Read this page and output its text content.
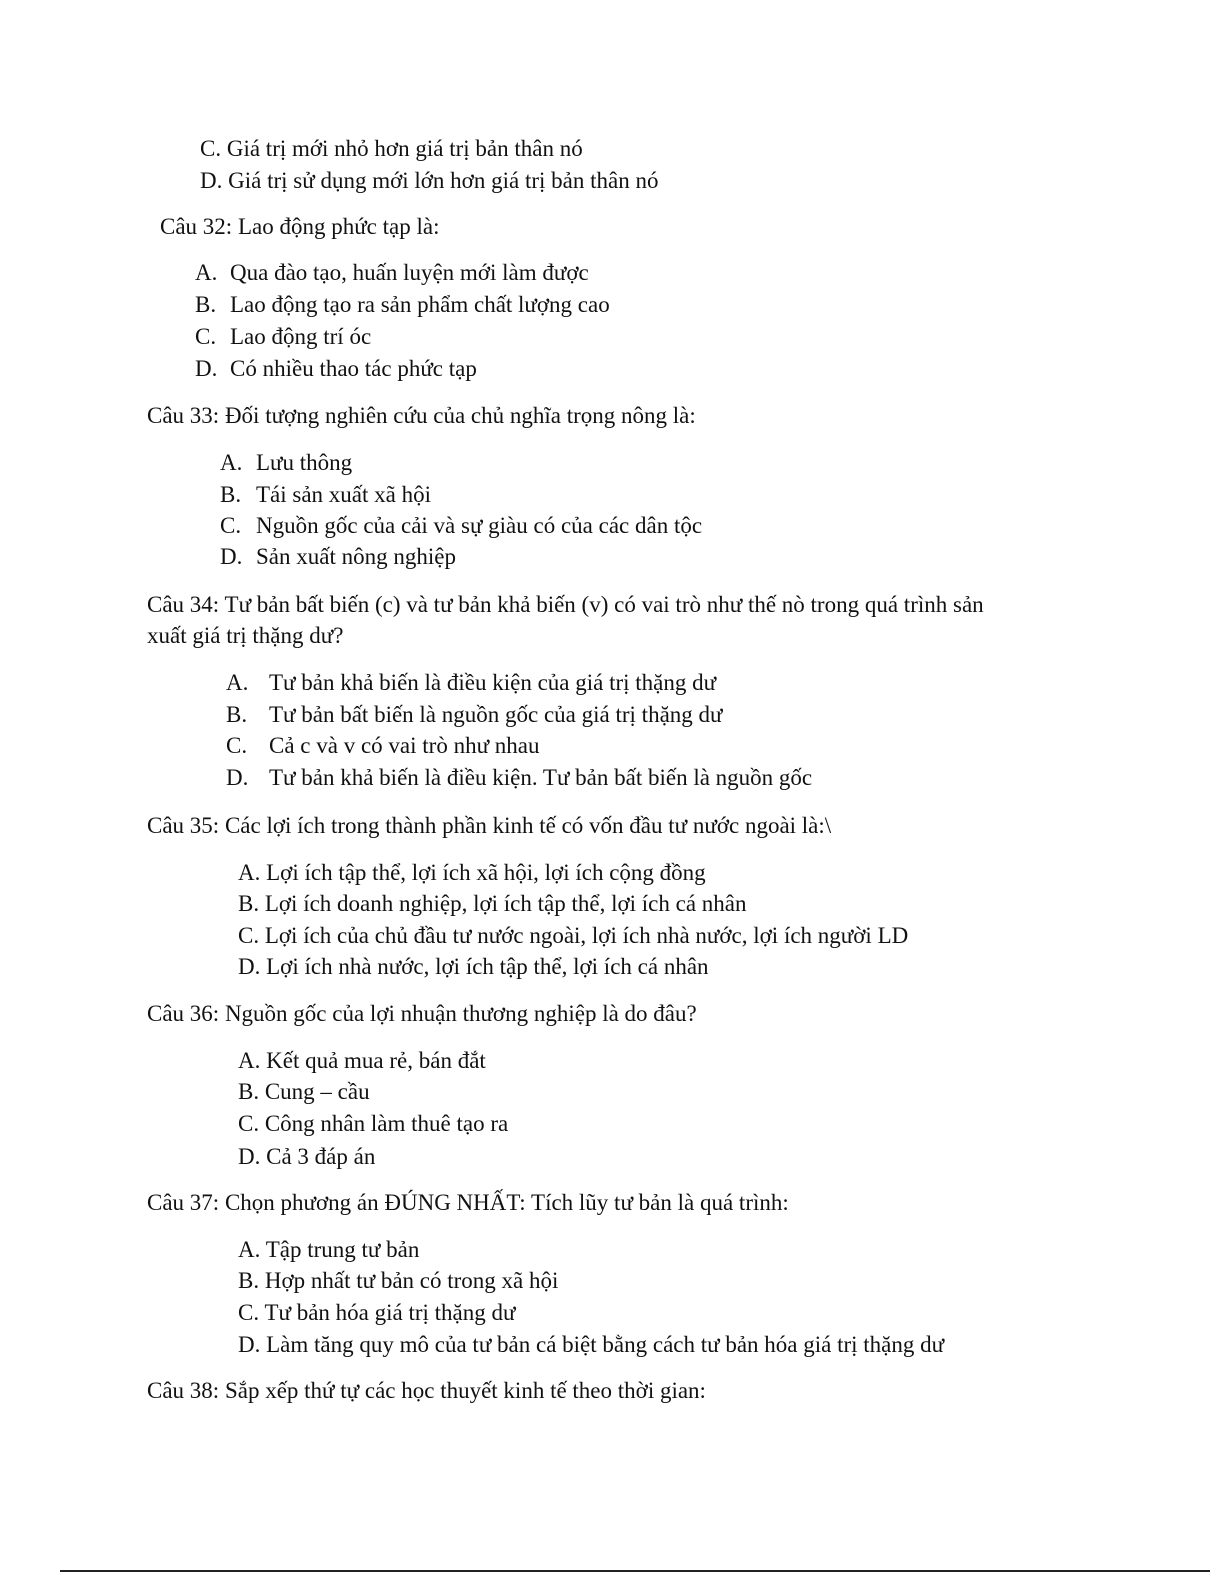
C. Giá trị mới nhỏ hơn giá trị bản thân nó
D. Giá trị sử dụng mới lớn hơn giá trị bản thân nó
Câu 32: Lao động phức tạp là:
A. Qua đào tạo, huấn luyện mới làm được
B. Lao động tạo ra sản phẩm chất lượng cao
C. Lao động trí óc
D. Có nhiều thao tác phức tạp
Câu 33: Đối tượng nghiên cứu của chủ nghĩa trọng nông là:
A. Lưu thông
B. Tái sản xuất xã hội
C. Nguồn gốc của cải và sự giàu có của các dân tộc
D. Sản xuất nông nghiệp
Câu 34: Tư bản bất biến (c) và tư bản khả biến (v) có vai trò như thế nò trong quá trình sản
xuất giá trị thặng dư?
A. Tư bản khả biến là điều kiện của giá trị thặng dư
B. Tư bản bất biến là nguồn gốc của giá trị thặng dư
C. Cả c và v có vai trò như nhau
D. Tư bản khả biến là điều kiện. Tư bản bất biến là nguồn gốc
Câu 35: Các lợi ích trong thành phần kinh tế có vốn đầu tư nước ngoài là:\
A. Lợi ích tập thể, lợi ích xã hội, lợi ích cộng đồng
B. Lợi ích doanh nghiệp, lợi ích tập thể, lợi ích cá nhân
C. Lợi ích của chủ đầu tư nước ngoài, lợi ích nhà nước, lợi ích người LD
D. Lợi ích nhà nước, lợi ích tập thể, lợi ích cá nhân
Câu 36: Nguồn gốc của lợi nhuận thương nghiệp là do đâu?
A. Kết quả mua rẻ, bán đắt
B. Cung – cầu
C. Công nhân làm thuê tạo ra
D. Cả 3 đáp án
Câu 37: Chọn phương án ĐÚNG NHẤT: Tích lũy tư bản là quá trình:
A. Tập trung tư bản
B. Hợp nhất tư bản có trong xã hội
C. Tư bản hóa giá trị thặng dư
D. Làm tăng quy mô của tư bản cá biệt bằng cách tư bản hóa giá trị thặng dư
Câu 38: Sắp xếp thứ tự các học thuyết kinh tế theo thời gian:
